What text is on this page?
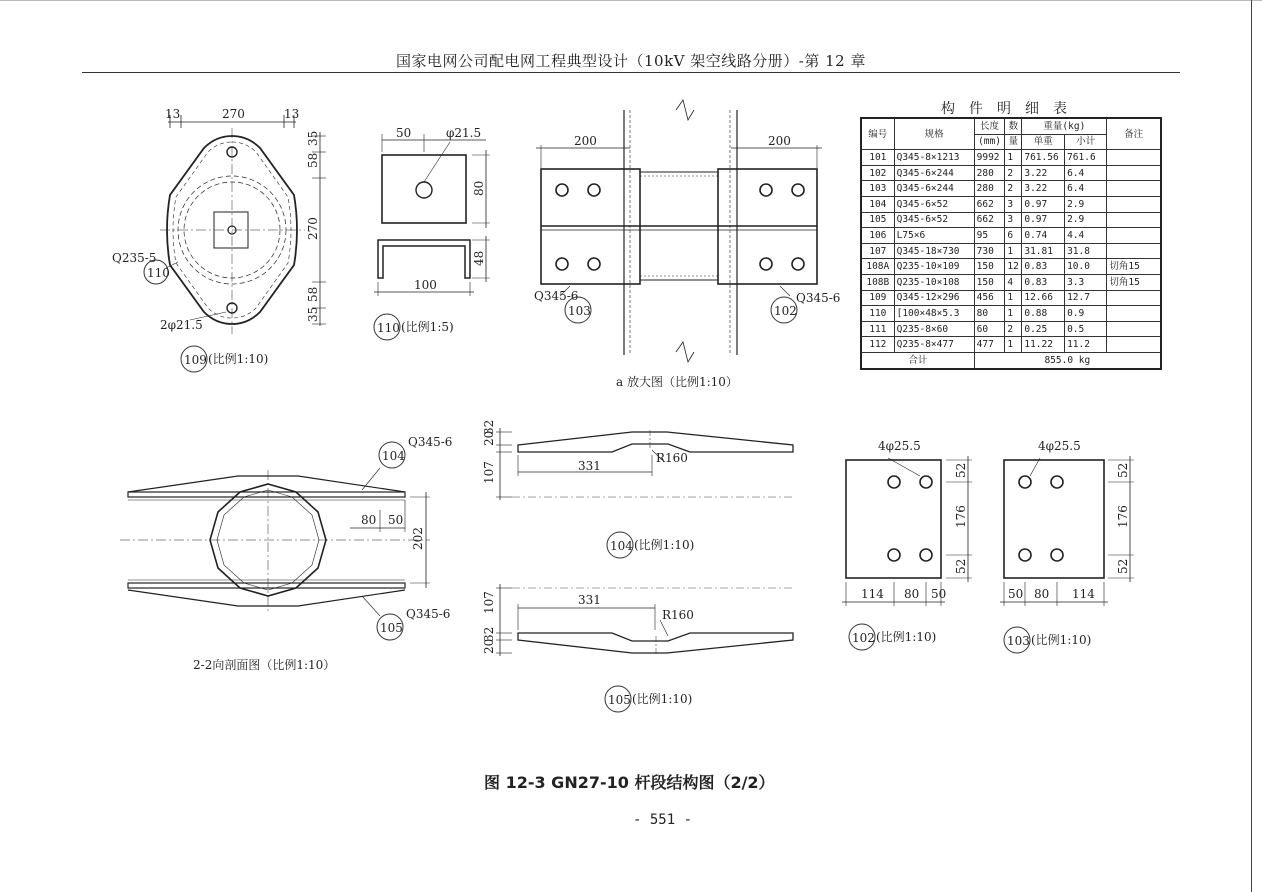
国家电网公司配电网工程典型设计（10kV 架空线路分册）-第 12 章
13	270	13
35
58
270
58
35
Q235-5
110
2φ21.5
109 (比例1:10)
50	φ21.5
80
48
100
110 (比例1:5)
200	200
Q345-6	Q345-6
103	102
a 放大图（比例1:10）
104
Q345-6
105
Q345-6
80 50
202
2-2向剖面图（比例1:10）
20
32
107	331
R160
104 (比例1:10)
107
32
20
331
R160
105 (比例1:10)
4φ25.5
52
176
52
114 80 50
102 (比例1:10)
4φ25.5
52
176
52
50 80 114
103 (比例1:10)
图 12-3 GN27-10 杆段结构图（2/2）
- 551 -
构件明细表
编号	规格	长度	数	重量(kg)		备注
		(mm)	量	单重	小计	
101	Q345-8×1213	9992	1	761.56	761.6	
102	Q345-6×244	280	2	3.22	6.4	
103	Q345-6×244	280	2	3.22	6.4	
104	Q345-6×52	662	3	0.97	2.9	
105	Q345-6×52	662	3	0.97	2.9	
106	L75×6	95	6	0.74	4.4	
107	Q345-18×730	730	1	31.81	31.8	
108A	Q235-10×109	150	12	0.83	10.0	切角15
108B	Q235-10×108	150	4	0.83	3.3	切角15
109	Q345-12×296	456	1	12.66	12.7	
110	[100×48×5.3	80	1	0.88	0.9	
111	Q235-8×60	60	2	0.25	0.5	
112	Q235-8×477	477	1	11.22	11.2	
合计		855.0 kg				
